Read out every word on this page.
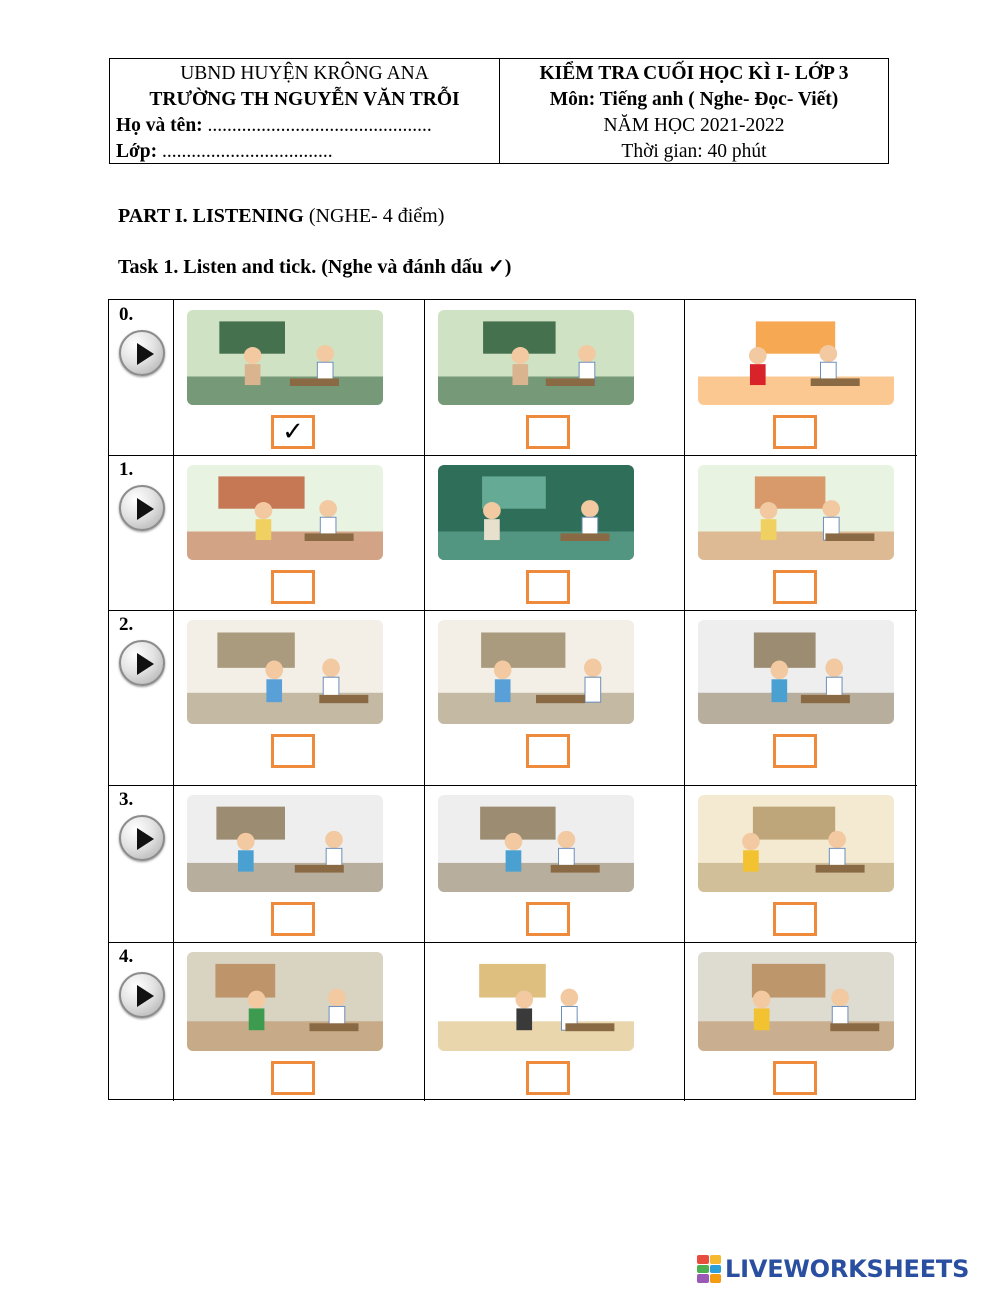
UBND HUYỆN KRÔNG ANA
TRƯỜNG TH NGUYỄN VĂN TRỖI
Họ và tên: ..............................................
Lớp: ...................................
KIỂM TRA CUỐI HỌC KÌ I- LỚP 3
Môn: Tiếng anh ( Nghe- Đọc- Viết)
NĂM HỌC 2021-2022
Thời gian: 40 phút
PART I. LISTENING (NGHE- 4 điểm)
Task 1. Listen and tick. (Nghe và đánh dấu ✓)
0.
✓
1.
2.
3.
4.
LIVEWORKSHEETS
